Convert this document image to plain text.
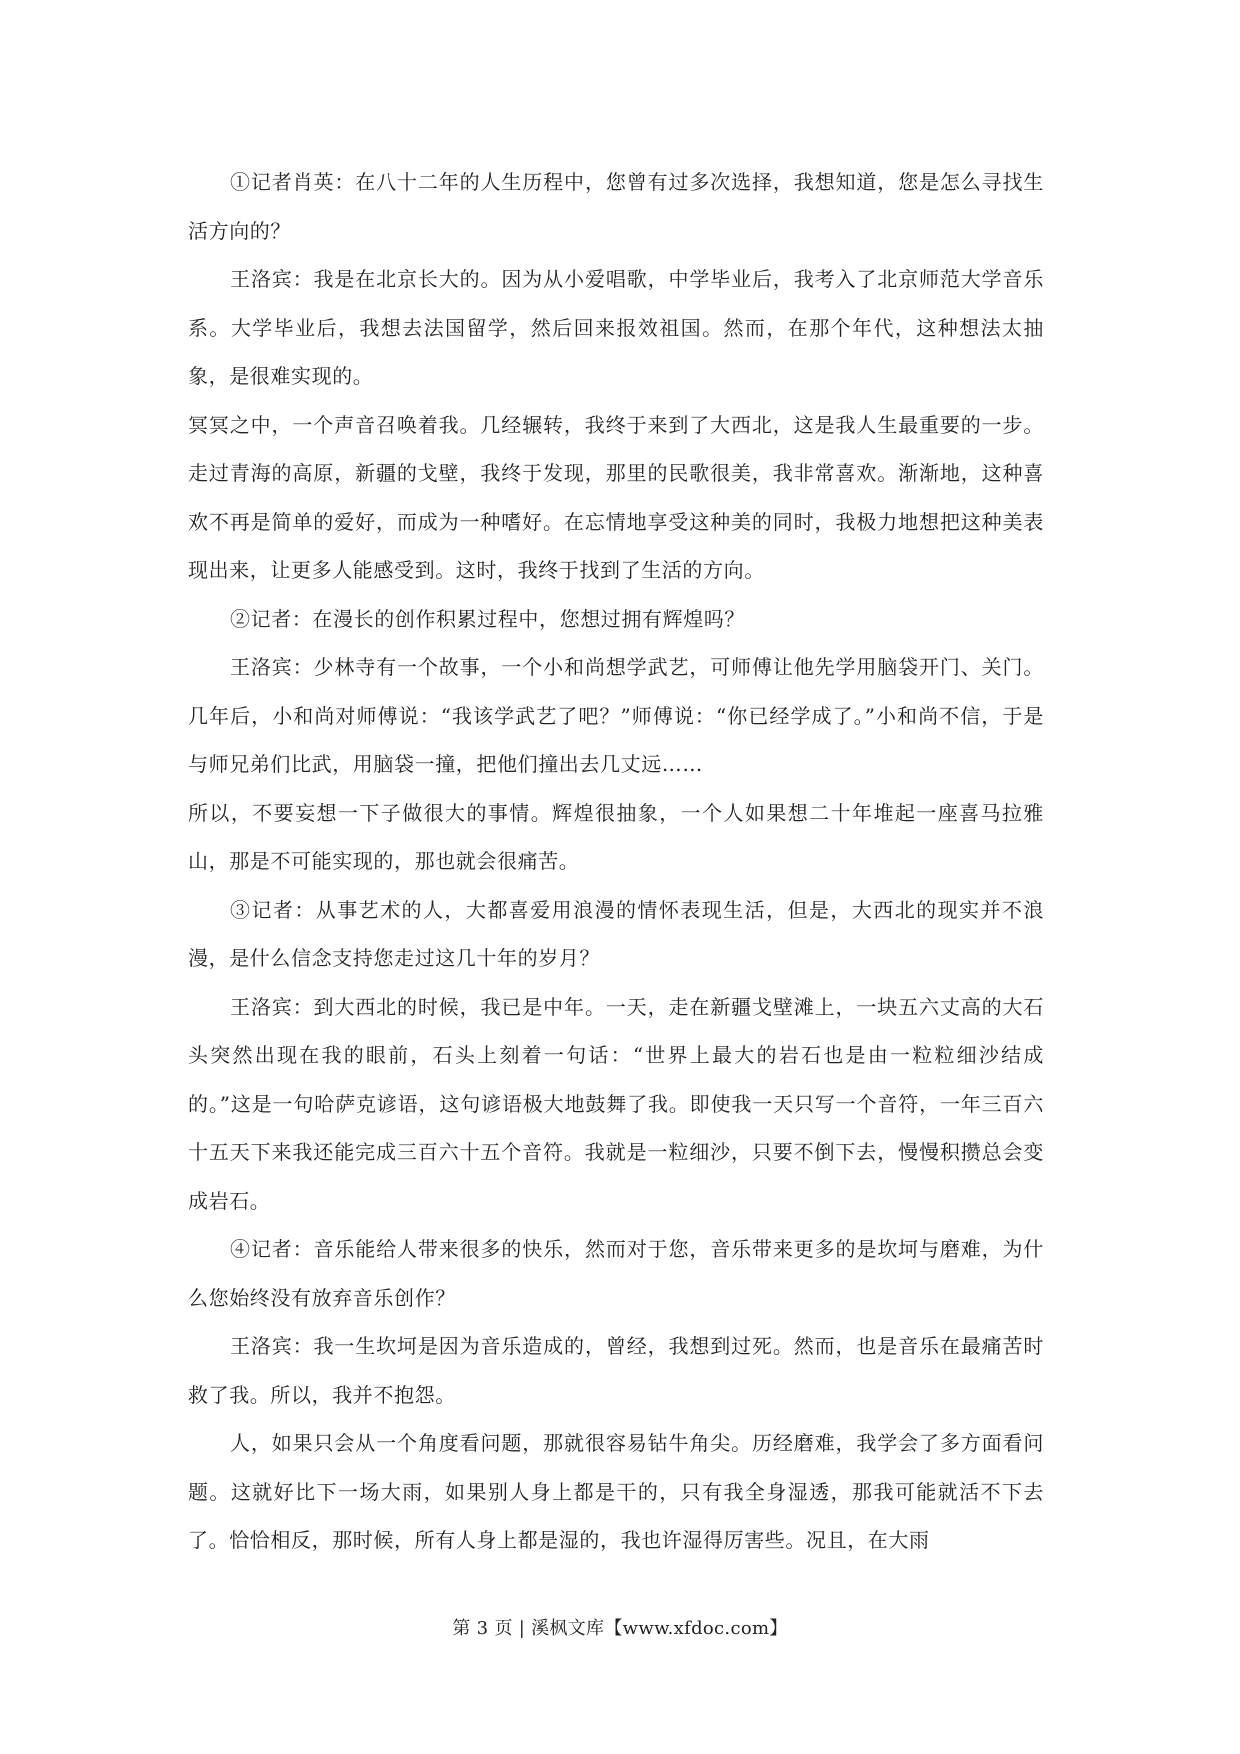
①记者肖英：在八十二年的人生历程中，您曾有过多次选择，我想知道，您是怎么寻找生活方向的？

王洛宾：我是在北京长大的。因为从小爱唱歌，中学毕业后，我考入了北京师范大学音乐系。大学毕业后，我想去法国留学，然后回来报效祖国。然而，在那个年代，这种想法太抽象，是很难实现的。

冥冥之中，一个声音召唤着我。几经辗转，我终于来到了大西北，这是我人生最重要的一步。走过青海的高原，新疆的戈壁，我终于发现，那里的民歌很美，我非常喜欢。渐渐地，这种喜欢不再是简单的爱好，而成为一种嗜好。在忘情地享受这种美的同时，我极力地想把这种美表现出来，让更多人能感受到。这时，我终于找到了生活的方向。

②记者：在漫长的创作积累过程中，您想过拥有辉煌吗？

王洛宾：少林寺有一个故事，一个小和尚想学武艺，可师傅让他先学用脑袋开门、关门。几年后，小和尚对师傅说：“我该学武艺了吧？”师傅说：“你已经学成了。”小和尚不信，于是与师兄弟们比武，用脑袋一撞，把他们撞出去几丈远……

所以，不要妄想一下子做很大的事情。辉煌很抽象，一个人如果想二十年堆起一座喜马拉雅山，那是不可能实现的，那也就会很痛苦。

③记者：从事艺术的人，大都喜爱用浪漫的情怀表现生活，但是，大西北的现实并不浪漫，是什么信念支持您走过这几十年的岁月？

王洛宾：到大西北的时候，我已是中年。一天，走在新疆戈壁滩上，一块五六丈高的大石头突然出现在我的眼前，石头上刻着一句话：“世界上最大的岩石也是由一粒粒细沙结成的。”这是一句哈萨克谚语，这句谚语极大地鼓舞了我。即使我一天只写一个音符，一年三百六十五天下来我还能完成三百六十五个音符。我就是一粒细沙，只要不倒下去，慢慢积攒总会变成岩石。

④记者：音乐能给人带来很多的快乐，然而对于您，音乐带来更多的是坎坷与磨难，为什么您始终没有放弃音乐创作？

王洛宾：我一生坎坷是因为音乐造成的，曾经，我想到过死。然而，也是音乐在最痛苦时救了我。所以，我并不抱怨。

人，如果只会从一个角度看问题，那就很容易钻牛角尖。历经磨难，我学会了多方面看问题。这就好比下一场大雨，如果别人身上都是干的，只有我全身湿透，那我可能就活不下去了。恰恰相反，那时候，所有人身上都是湿的，我也许湿得厉害些。况且，在大雨

第 3 页 | 溪枫文库【www.xfdoc.com】
